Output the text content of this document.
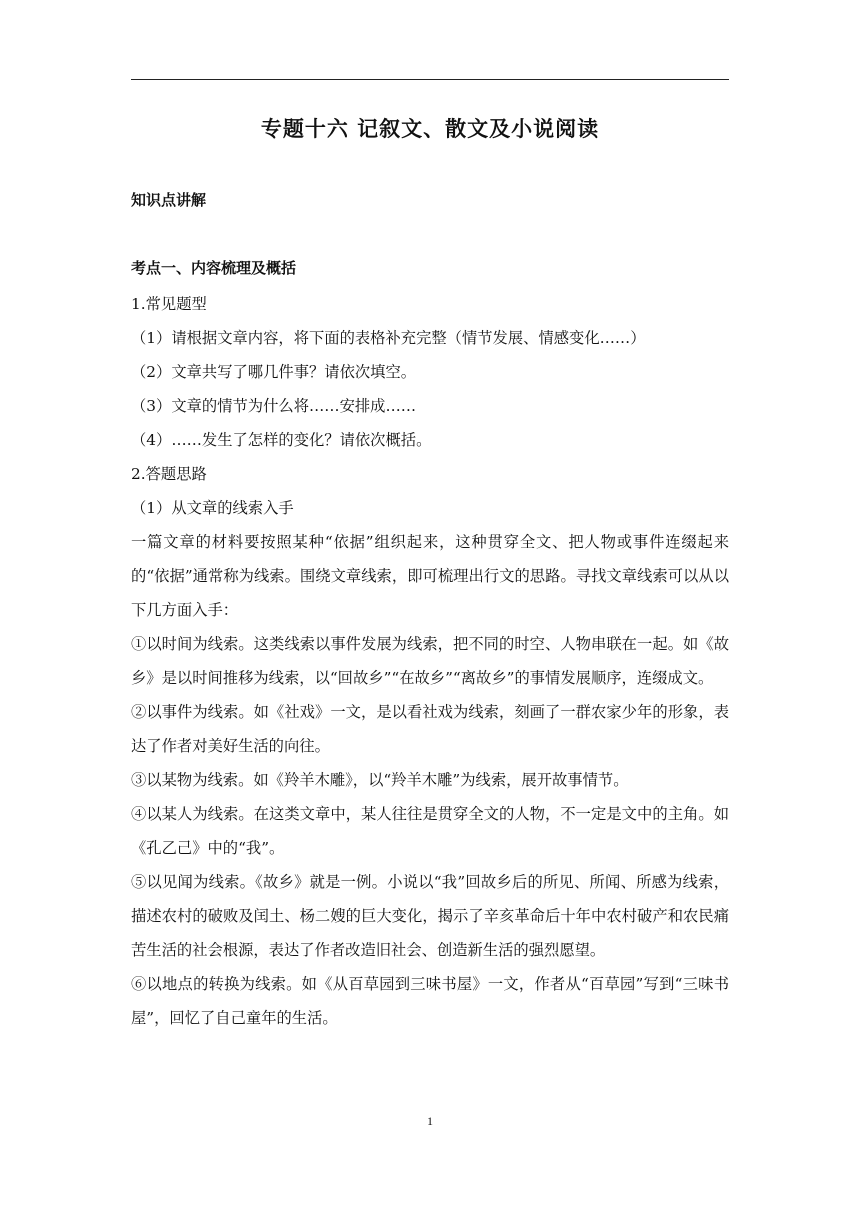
专题十六 记叙文、散文及小说阅读
知识点讲解
考点一、内容梳理及概括
1.常见题型
（1）请根据文章内容，将下面的表格补充完整（情节发展、情感变化……）
（2）文章共写了哪几件事？请依次填空。
（3）文章的情节为什么将……安排成……
（4）……发生了怎样的变化？请依次概括。
2.答题思路
（1）从文章的线索入手
一篇文章的材料要按照某种“依据”组织起来，这种贯穿全文、把人物或事件连缀起来的“依据”通常称为线索。围绕文章线索，即可梳理出行文的思路。寻找文章线索可以从以下几方面入手：
①以时间为线索。这类线索以事件发展为线索，把不同的时空、人物串联在一起。如《故乡》是以时间推移为线索，以“回故乡”“在故乡”“离故乡”的事情发展顺序，连缀成文。
②以事件为线索。如《社戏》一文，是以看社戏为线索，刻画了一群农家少年的形象，表达了作者对美好生活的向往。
③以某物为线索。如《羚羊木雕》，以“羚羊木雕”为线索，展开故事情节。
④以某人为线索。在这类文章中，某人往往是贯穿全文的人物，不一定是文中的主角。如《孔乙己》中的“我”。
⑤以见闻为线索。《故乡》就是一例。小说以“我”回故乡后的所见、所闻、所感为线索，描述农村的破败及闰土、杨二嫂的巨大变化，揭示了辛亥革命后十年中农村破产和农民痛苦生活的社会根源，表达了作者改造旧社会、创造新生活的强烈愿望。
⑥以地点的转换为线索。如《从百草园到三味书屋》一文，作者从“百草园”写到“三味书屋”，回忆了自己童年的生活。
1
